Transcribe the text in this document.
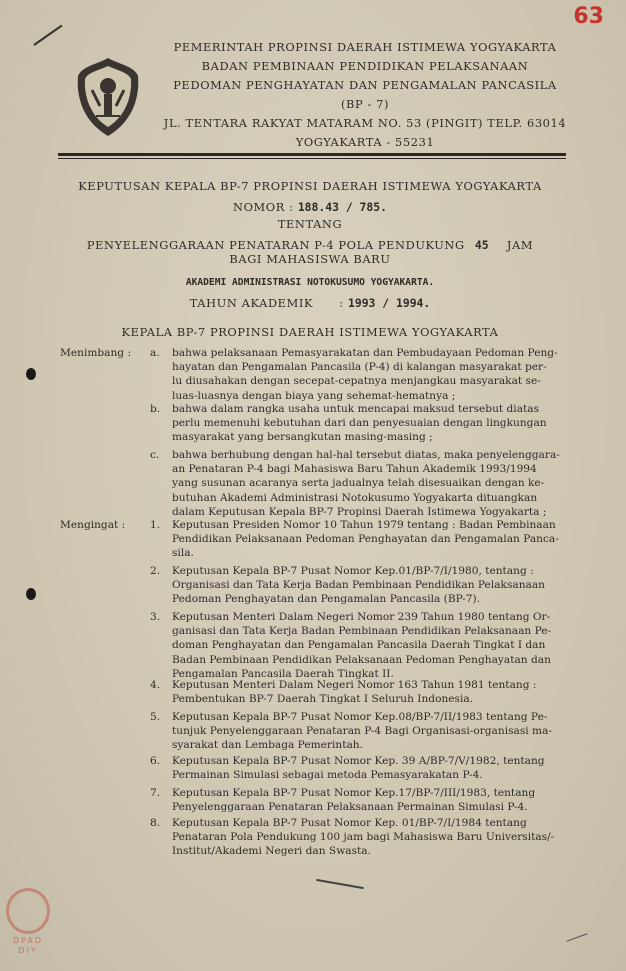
63
PEMERINTAH PROPINSI DAERAH ISTIMEWA YOGYAKARTA
BADAN PEMBINAAN PENDIDIKAN PELAKSANAAN
PEDOMAN PENGHAYATAN DAN PENGAMALAN PANCASILA
(BP - 7)
JL. TENTARA RAKYAT MATARAM NO. 53 (PINGIT) TELP. 63014
YOGYAKARTA - 55231
KEPUTUSAN KEPALA BP-7 PROPINSI DAERAH ISTIMEWA YOGYAKARTA
NOMOR : 188.43 / 785.
TENTANG
PENYELENGGARAAN PENATARAN P-4 POLA PENDUKUNG 45 JAM
BAGI MAHASISWA BARU
AKADEMI ADMINISTRASI NOTOKUSUMO YOGYAKARTA.
TAHUN AKADEMIK : 1993 / 1994.
KEPALA BP-7 PROPINSI DAERAH ISTIMEWA YOGYAKARTA
Menimbang :	a. bahwa pelaksanaan Pemasyarakatan dan Pembudayaan Pedoman Peng-
hayatan dan Pengamalan Pancasila (P-4) di kalangan masyarakat per-
lu diusahakan dengan secepat-cepatnya menjangkau masyarakat se-
luas-luasnya dengan biaya yang sehemat-hematnya ;
b. bahwa dalam rangka usaha untuk mencapai maksud tersebut diatas
perlu memenuhi kebutuhan dari dan penyesuaian dengan lingkungan
masyarakat yang bersangkutan masing-masing ;
c. bahwa berhubung dengan hal-hal tersebut diatas, maka penyelenggara-
an Penataran P-4 bagi Mahasiswa Baru Tahun Akademik 1993/1994
yang susunan acaranya serta jadualnya telah disesuaikan dengan ke-
butuhan Akademi Administrasi Notokusumo Yogyakarta dituangkan
dalam Keputusan Kepala BP-7 Propinsi Daerah Istimewa Yogyakarta ;
Mengingat :	1. Keputusan Presiden Nomor 10 Tahun 1979 tentang : Badan Pembinaan
Pendidikan Pelaksanaan Pedoman Penghayatan dan Pengamalan Panca-
sila.
2. Keputusan Kepala BP-7 Pusat Nomor Kep.01/BP-7/I/1980, tentang :
Organisasi dan Tata Kerja Badan Pembinaan Pendidikan Pelaksanaan
Pedoman Penghayatan dan Pengamalan Pancasila (BP-7).
3. Keputusan Menteri Dalam Negeri Nomor 239 Tahun 1980 tentang Or-
ganisasi dan Tata Kerja Badan Pembinaan Pendidikan Pelaksanaan Pe-
doman Penghayatan dan Pengamalan Pancasila Daerah Tingkat I dan
Badan Pembinaan Pendidikan Pelaksanaan Pedoman Penghayatan dan
Pengamalan Pancasila Daerah Tingkat II.
4. Keputusan Menteri Dalam Negeri Nomor 163 Tahun 1981 tentang :
Pembentukan BP-7 Daerah Tingkat I Seluruh Indonesia.
5. Keputusan Kepala BP-7 Pusat Nomor Kep.08/BP-7/II/1983 tentang Pe-
tunjuk Penyelenggaraan Penataran P-4 Bagi Organisasi-organisasi ma-
syarakat dan Lembaga Pemerintah.
6. Keputusan Kepala BP-7 Pusat Nomor Kep. 39 A/BP-7/V/1982, tentang
Permainan Simulasi sebagai metoda Pemasyarakatan P-4.
7. Keputusan Kepala BP-7 Pusat Nomor Kep.17/BP-7/III/1983, tentang
Penyelenggaraan Penataran Pelaksanaan Permainan Simulasi P-4.
8. Keputusan Kepala BP-7 Pusat Nomor Kep. 01/BP-7/I/1984 tentang
Penataran Pola Pendukung 100 jam bagi Mahasiswa Baru Universitas/-
Institut/Akademi Negeri dan Swasta.
DPAD
DIY
